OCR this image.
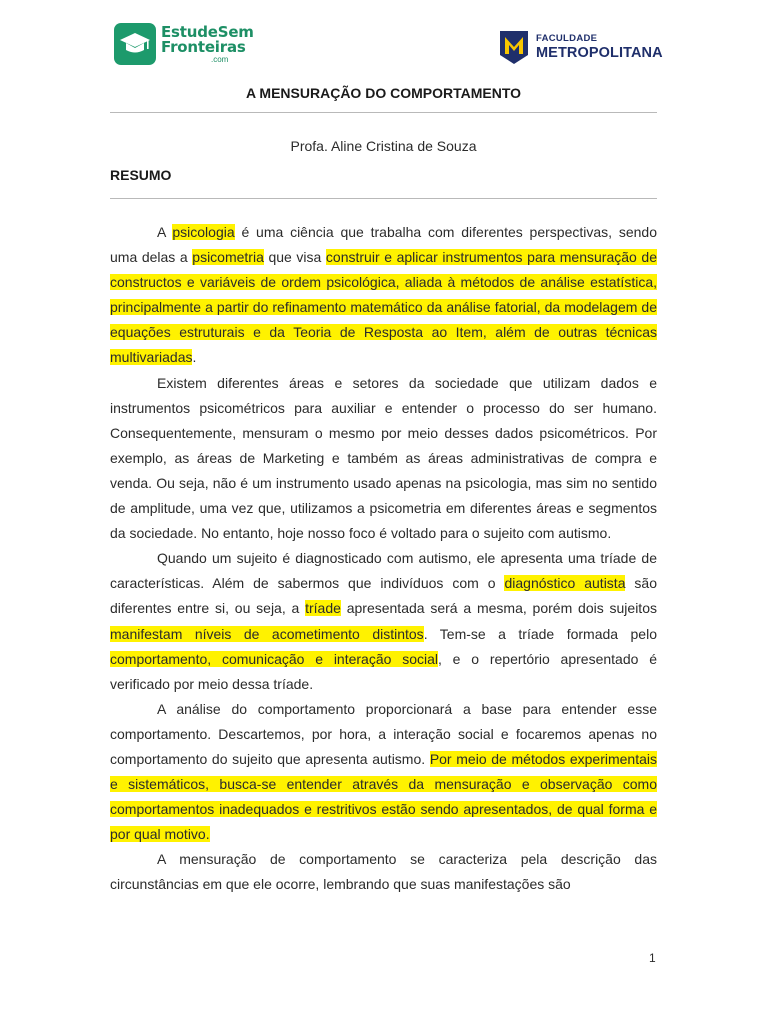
EstudeSem
Fronteiras
.com
FACULDADE
METROPOLITANA
A MENSURAÇÃO DO COMPORTAMENTO
Profa. Aline Cristina de Souza
RESUMO

A psicologia é uma ciência que trabalha com diferentes perspectivas, sendo uma delas a psicometria que visa construir e aplicar instrumentos para mensuração de constructos e variáveis de ordem psicológica, aliada à métodos de análise estatística, principalmente a partir do refinamento matemático da análise fatorial, da modelagem de equações estruturais e da Teoria de Resposta ao Item, além de outras técnicas multivariadas.

Existem diferentes áreas e setores da sociedade que utilizam dados e instrumentos psicométricos para auxiliar e entender o processo do ser humano. Consequentemente, mensuram o mesmo por meio desses dados psicométricos. Por exemplo, as áreas de Marketing e também as áreas administrativas de compra e venda. Ou seja, não é um instrumento usado apenas na psicologia, mas sim no sentido de amplitude, uma vez que, utilizamos a psicometria em diferentes áreas e segmentos da sociedade. No entanto, hoje nosso foco é voltado para o sujeito com autismo.

Quando um sujeito é diagnosticado com autismo, ele apresenta uma tríade de características. Além de sabermos que indivíduos com o diagnóstico autista são diferentes entre si, ou seja, a tríade apresentada será a mesma, porém dois sujeitos manifestam níveis de acometimento distintos. Tem-se a tríade formada pelo comportamento, comunicação e interação social, e o repertório apresentado é verificado por meio dessa tríade.

A análise do comportamento proporcionará a base para entender esse comportamento. Descartemos, por hora, a interação social e focaremos apenas no comportamento do sujeito que apresenta autismo. Por meio de métodos experimentais e sistemáticos, busca-se entender através da mensuração e observação como comportamentos inadequados e restritivos estão sendo apresentados, de qual forma e por qual motivo.

A mensuração de comportamento se caracteriza pela descrição das circunstâncias em que ele ocorre, lembrando que suas manifestações são

1
